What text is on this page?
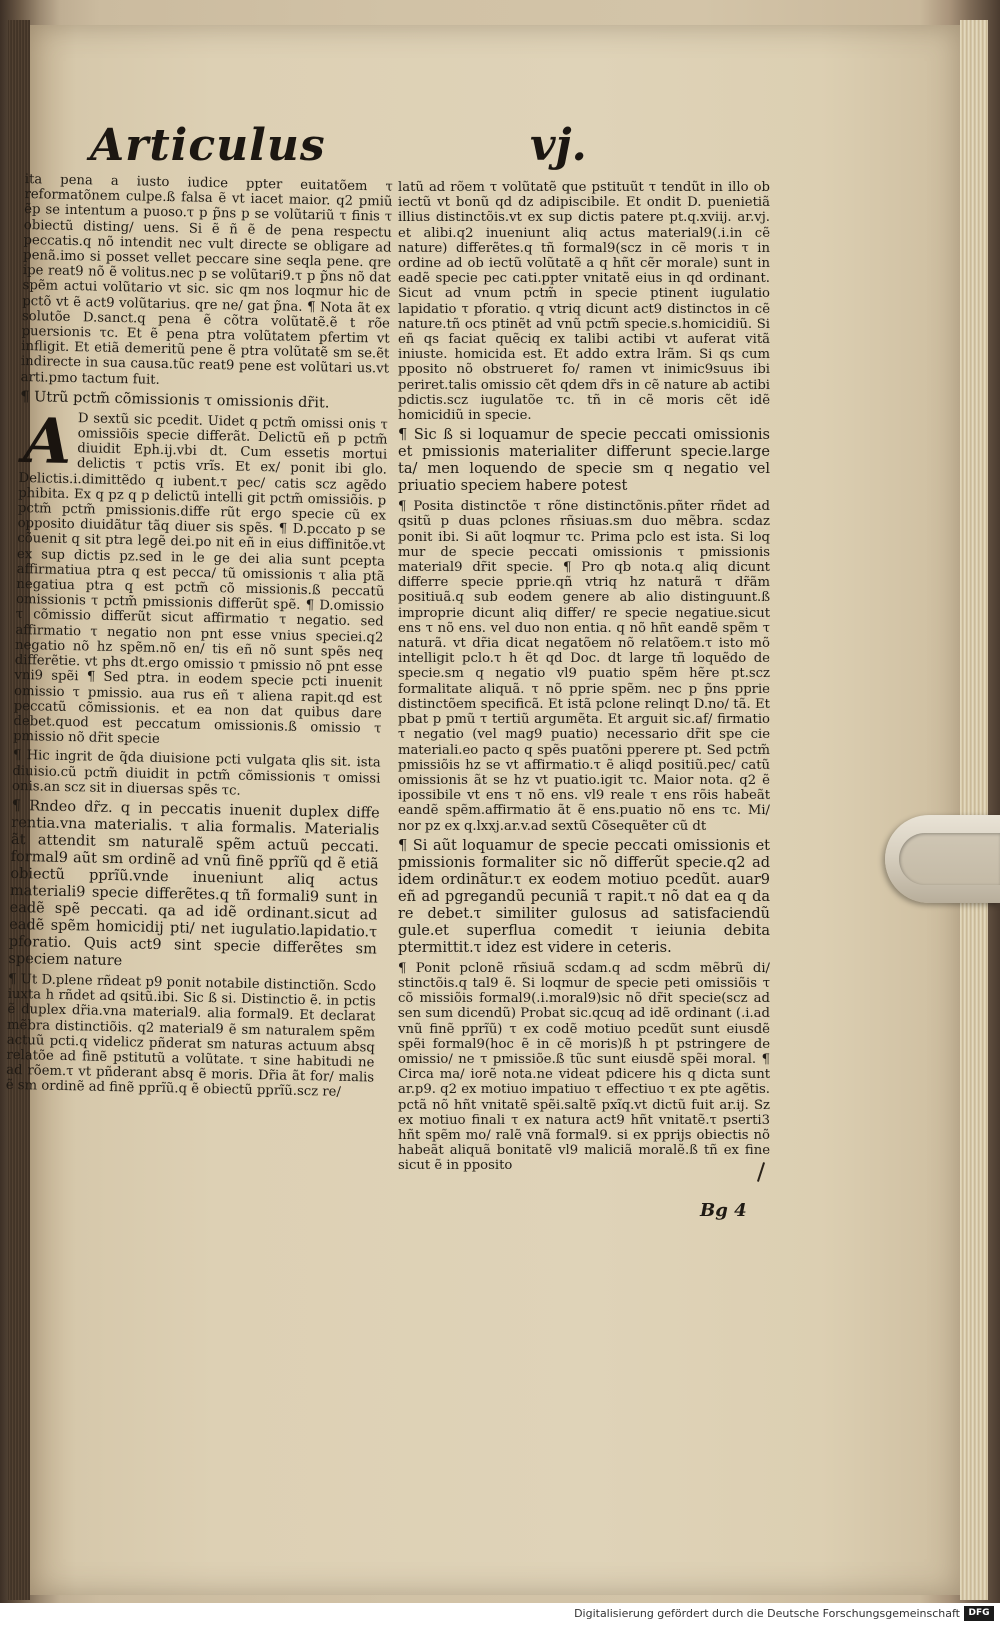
Articulus	vj.

ita pena a iusto iudice ppter euitatõem τ reformatõnem culpe.ß falsa ẽ vt iacet maior. q2 pmiũ ẽp se intentum a puoso.τ p p̃ns p se volũtariũ τ finis τ obiectũ disting/ uens. Si ẽ ñ ẽ de pena respectu peccatis.q nõ intendit nec vult directe se obligare ad penã.imo si posset vellet peccare sine seqla pene. qre ipe reat9 nõ ẽ volitus.nec p se volũtari9.τ p p̃ns nõ dat spẽm actui volũtario vt sic. sic qm nos loqmur hic de pctõ vt ẽ act9 volũtarius. qre ne/ gat p̃na. ¶ Nota ãt ex solutõe D.sanct.q pena ẽ cõtra volũtatẽ.ẽ t rõe puersionis τc. Et ẽ pena ptra volũtatem pfertim vt infligit. Et etiã demeritũ pene ẽ ptra volũtatẽ sm se.ẽt indirecte in sua causa.tũc reat9 pene est volũtari us.vt arti.pmo tactum fuit.

¶ Utrũ pctm̃ cõmissionis τ omissionis dr̃it.

A D sextũ sic pcedit. Uidet q pctm̃ omissi onis τ omissiõis specie differãt. Delictũ eñ p pctm̃ diuidit Eph.ij.vbi dt. Cum essetis mortui delictis τ pctis vrĩs. Et ex/ ponit ibi glo. Delictis.i.dimittẽdo q iubent.τ pec/ catis scz agẽdo phibita. Ex q pz q p delictũ intelli git pctm̃ omissiõis. p pctm̃ pctm̃ pmissionis.diffe rũt ergo specie cũ ex opposito diuidãtur tãq diuer sis spẽs. ¶ D.pccato p se cõuenit q sit ptra legẽ dei.po nit eñ in eius diffinitõe.vt ex sup dictis pz.sed in le ge dei alia sunt pcepta affirmatiua ptra q est pecca/ tũ omissionis τ alia ptã negatiua ptra q est pctm̃ cõ missionis.ß peccatũ omissionis τ pctm̃ pmissionis differũt spẽ. ¶ D.omissio τ cõmissio differũt sicut affirmatio τ negatio. sed affirmatio τ negatio non pnt esse vnius speciei.q2 negatio nõ hz spẽm.nõ en/ tis eñ nõ sunt spẽs neq differẽtie. vt phs dt.ergo omissio τ pmissio nõ pnt esse vni9 spẽi ¶ Sed ptra. in eodem specie pcti inuenit omissio τ pmissio. aua rus eñ τ aliena rapit.qd est peccatũ cõmissionis. et ea non dat quibus dare debet.quod est peccatum omissionis.ß omissio τ pmissio nõ dr̃it specie

¶ Hic ingrit de q̃da diuisione pcti vulgata qlis sit. ista diuisio.cũ pctm̃ diuidit in pctm̃ cõmissionis τ omissi onis.an scz sit in diuersas spẽs τc.

¶ Rndeo dr̃z. q in peccatis inuenit duplex diffe rentia.vna materialis. τ alia formalis. Materialis ãt attendit sm naturalẽ spẽm actuũ peccati. formal9 aũt sm ordinẽ ad vnũ finẽ pprĩũ qd ẽ etiã obiectũ pprĩũ.vnde inueniunt aliq actus materiali9 specie differẽtes.q tñ formali9 sunt in eadẽ spẽ peccati. qa ad idẽ ordinant.sicut ad eadẽ spẽm homicidij pti/ net iugulatio.lapidatio.τ pforatio. Quis act9 sint specie differẽtes sm speciem nature

¶ Ut D.plene rñdeat p9 ponit notabile distinctiõn. Scdo iuxta h rñdet ad qsitũ.ibi. Sic ß si. Distinctio ẽ. in pctis ẽ duplex dr̃ia.vna material9. alia formal9. Et declarat mẽbra distinctiõis. q2 material9 ẽ sm naturalem spẽm actuũ pcti.q videlicz pñderat sm naturas actuum absq relatõe ad finẽ pstitutũ a volũtate. τ sine habitudi ne ad rõem.τ vt pñderant absq ẽ moris. Dr̃ia ãt for/ malis ẽ sm ordinẽ ad finẽ pprĩũ.q ẽ obiectũ pprĩũ.scz re/

latũ ad rõem τ volũtatẽ que pstituũt τ tendũt in illo ob iectũ vt bonũ qd dz adipiscibile. Et ondit D. puenietiã illius distinctõis.vt ex sup dictis patere pt.q.xviij. ar.vj. et alibi.q2 inueniunt aliq actus material9(.i.in cẽ nature) differẽtes.q tñ formal9(scz in cẽ moris τ in ordine ad ob iectũ volũtatẽ a q hñt cẽr morale) sunt in eadẽ specie pec cati.ppter vnitatẽ eius in qd ordinant. Sicut ad vnum pctm̃ in specie ptinent iugulatio lapidatio τ pforatio. q vtriq dicunt act9 distinctos in cẽ nature.tñ ocs ptinẽt ad vnũ pctm̃ specie.s.homicidiũ. Si eñ qs faciat quẽciq ex talibi actibi vt auferat vitã iniuste. homicida est. Et addo extra lrãm. Si qs cum pposito nõ obstrueret fo/ ramen vt inimic9suus ibi periret.talis omissio cẽt qdem dr̃s in cẽ nature ab actibi pdictis.scz iugulatõe τc. tñ in cẽ moris cẽt idẽ homicidiũ in specie.

¶ Sic ß si loquamur de specie peccati omissionis et pmissionis materialiter differunt specie.large ta/ men loquendo de specie sm q negatio vel priuatio speciem habere potest

¶ Posita distinctõe τ rõne distinctõnis.pñter rñdet ad qsitũ p duas pclones rñsiuas.sm duo mẽbra. scdaz ponit ibi. Si aũt loqmur τc. Prima pclo est ista. Si loq mur de specie peccati omissionis τ pmissionis material9 dr̃it specie. ¶ Pro qb nota.q aliq dicunt differre specie pprie.qñ vtriq hz naturã τ dr̃ãm positiuã.q sub eodem genere ab alio distinguunt.ß improprie dicunt aliq differ/ re specie negatiue.sicut ens τ nõ ens. vel duo non entia. q nõ hñt eandẽ spẽm τ naturã. vt dr̃ia dicat negatõem nõ relatõem.τ isto mõ intelligit pclo.τ h ẽt qd Doc. dt large tñ loquẽdo de specie.sm q negatio vl9 puatio spẽm hẽre pt.scz formalitate aliquã. τ nõ pprie spẽm. nec p p̃ns pprie distinctõem specificã. Et istã pclone relinqt D.no/ tã. Et pbat p pmũ τ tertiũ argumẽta. Et arguit sic.af/ firmatio τ negatio (vel mag9 puatio) necessario dr̃it spe cie materiali.eo pacto q spẽs puatõni pperere pt. Sed pctm̃ pmissiõis hz se vt affirmatio.τ ẽ aliqd positiũ.pec/ catũ omissionis ãt se hz vt puatio.igit τc. Maior nota. q2 ẽ ipossibile vt ens τ nõ ens. vl9 reale τ ens rõis habeãt eandẽ spẽm.affirmatio ãt ẽ ens.puatio nõ ens τc. Mi/ nor pz ex q.lxxj.ar.v.ad sextũ Cõsequẽter cũ dt

¶ Si aũt loquamur de specie peccati omissionis et pmissionis formaliter sic nõ differũt specie.q2 ad idem ordinãtur.τ ex eodem motiuo pcedũt. auar9 eñ ad pgregandũ pecuniã τ rapit.τ nõ dat ea q da re debet.τ similiter gulosus ad satisfaciendũ gule.et superflua comedit τ ieiunia debita ptermittit.τ idez est videre in ceteris.

¶ Ponit pclonẽ rñsiuã scdam.q ad scdm mẽbrũ di/ stinctõis.q tal9 ẽ. Si loqmur de specie peti omissiõis τ cõ missiõis formal9(.i.moral9)sic nõ dr̃it specie(scz ad sen sum dicendũ) Probat sic.qcuq ad idẽ ordinant (.i.ad vnũ finẽ pprĩũ) τ ex codẽ motiuo pcedũt sunt eiusdẽ spẽi formal9(hoc ẽ in cẽ moris)ß h pt pstringere de omissio/ ne τ pmissiõe.ß tũc sunt eiusdẽ spẽi moral. ¶ Circa ma/ iorẽ nota.ne videat pdicere his q dicta sunt ar.p9. q2 ex motiuo impatiuo τ effectiuo τ ex pte agẽtis. pctã nõ hñt vnitatẽ spẽi.saltẽ pxĩq.vt dictũ fuit ar.ij. Sz ex motiuo finali τ ex natura act9 hñt vnitatẽ.τ pserti3 hñt spẽm mo/ ralẽ vnã formal9. si ex pprijs obiectis nõ habeãt aliquã bonitatẽ vl9 maliciã moralẽ.ß tñ ex fine sicut ẽ in pposito

Bg 4
Digitalisierung gefördert durch die Deutsche Forschungsgemeinschaft DFG
